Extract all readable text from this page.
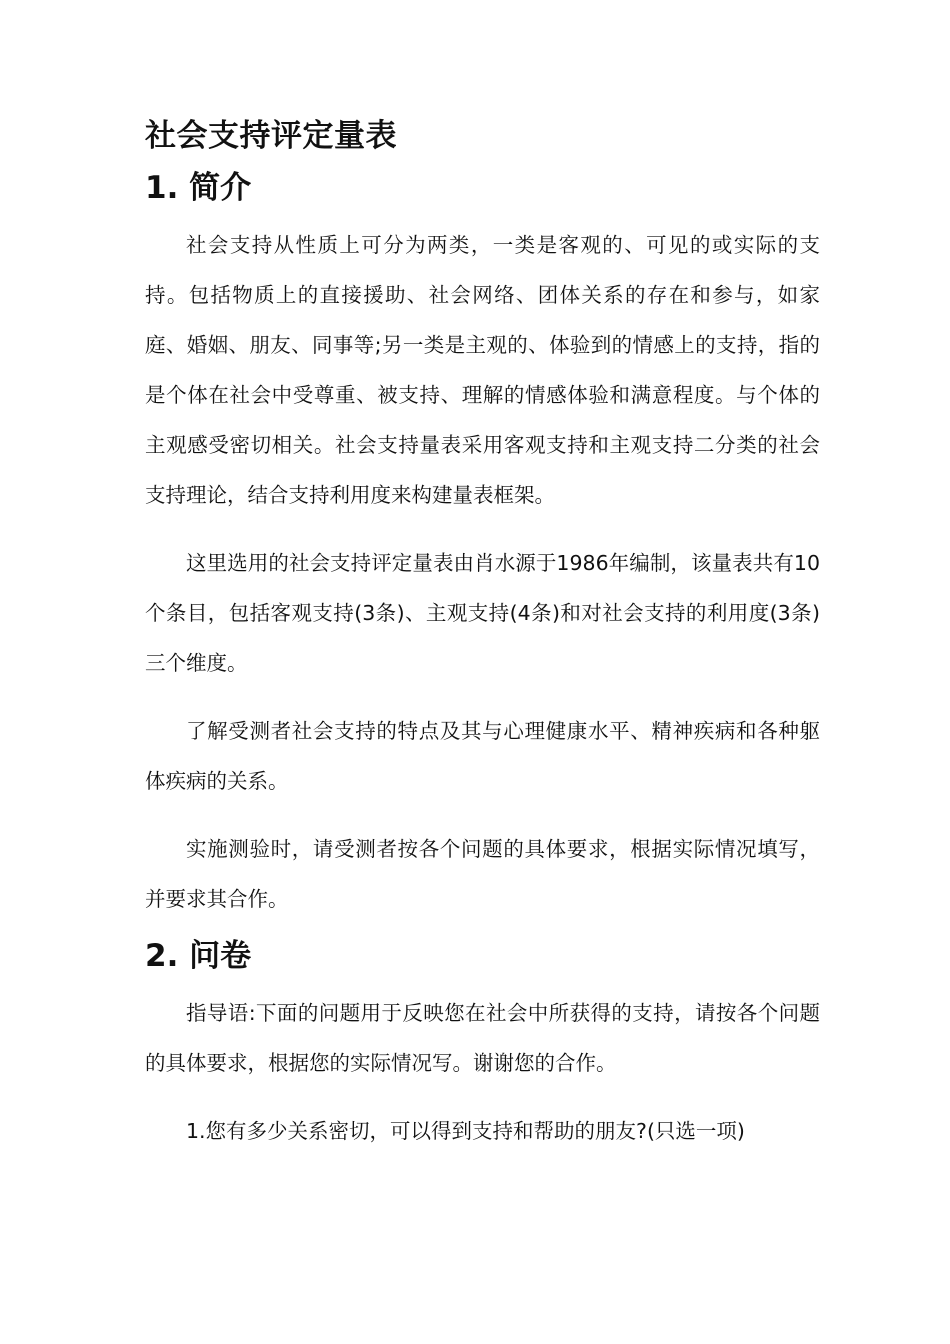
社会支持评定量表
1. 简介

社会支持从性质上可分为两类，一类是客观的、可见的或实际的支持。包括物质上的直接援助、社会网络、团体关系的存在和参与，如家庭、婚姻、朋友、同事等;另一类是主观的、体验到的情感上的支持，指的是个体在社会中受尊重、被支持、理解的情感体验和满意程度。与个体的主观感受密切相关。社会支持量表采用客观支持和主观支持二分类的社会支持理论，结合支持利用度来构建量表框架。

这里选用的社会支持评定量表由肖水源于1986年编制，该量表共有10个条目，包括客观支持(3条)、主观支持(4条)和对社会支持的利用度(3条)三个维度。

了解受测者社会支持的特点及其与心理健康水平、精神疾病和各种躯体疾病的关系。

实施测验时，请受测者按各个问题的具体要求，根据实际情况填写，并要求其合作。

2. 问卷

指导语:下面的问题用于反映您在社会中所获得的支持，请按各个问题的具体要求，根据您的实际情况写。谢谢您的合作。

1.您有多少关系密切，可以得到支持和帮助的朋友?(只选一项)
